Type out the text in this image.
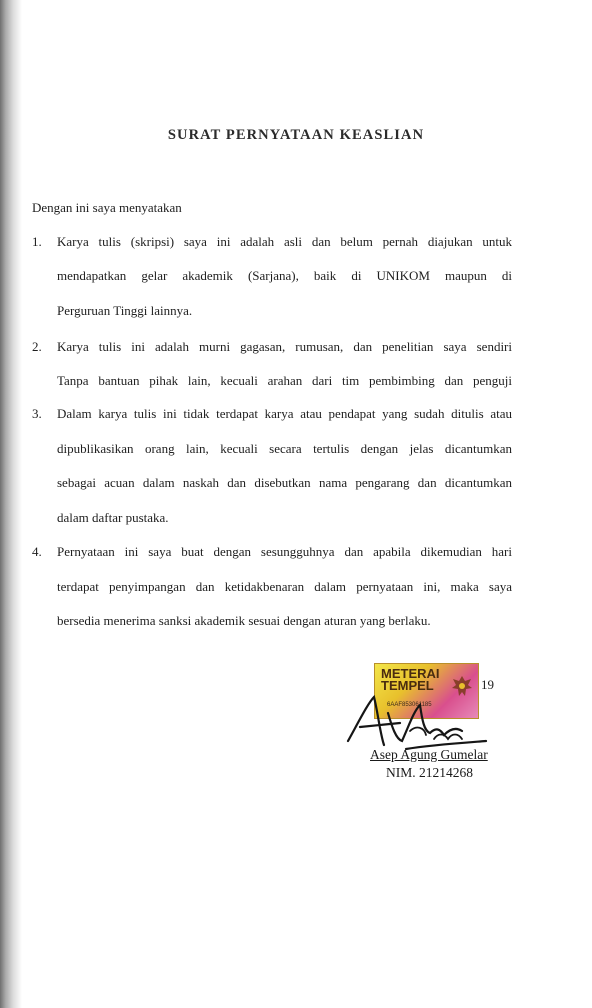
SURAT PERNYATAAN KEASLIAN
Dengan ini saya menyatakan
1. Karya tulis (skripsi) saya ini adalah asli dan belum pernah diajukan untuk
mendapatkan gelar akademik (Sarjana), baik di UNIKOM maupun di
Perguruan Tinggi lainnya.
2. Karya tulis ini adalah murni gagasan, rumusan, dan penelitian saya sendiri
Tanpa bantuan pihak lain, kecuali arahan dari tim pembimbing dan penguji
3. Dalam karya tulis ini tidak terdapat karya atau pendapat yang sudah ditulis atau
dipublikasikan orang lain, kecuali secara tertulis dengan jelas dicantumkan
sebagai acuan dalam naskah dan disebutkan nama pengarang dan dicantumkan
dalam daftar pustaka.
4. Pernyataan ini saya buat dengan sesungguhnya dan apabila dikemudian hari
terdapat penyimpangan dan ketidakbenaran dalam pernyataan ini, maka saya
bersedia menerima sanksi akademik sesuai dengan aturan yang berlaku.
METERAI
TEMPEL
6AAF853061185
19
Asep Agung Gumelar
NIM. 21214268
